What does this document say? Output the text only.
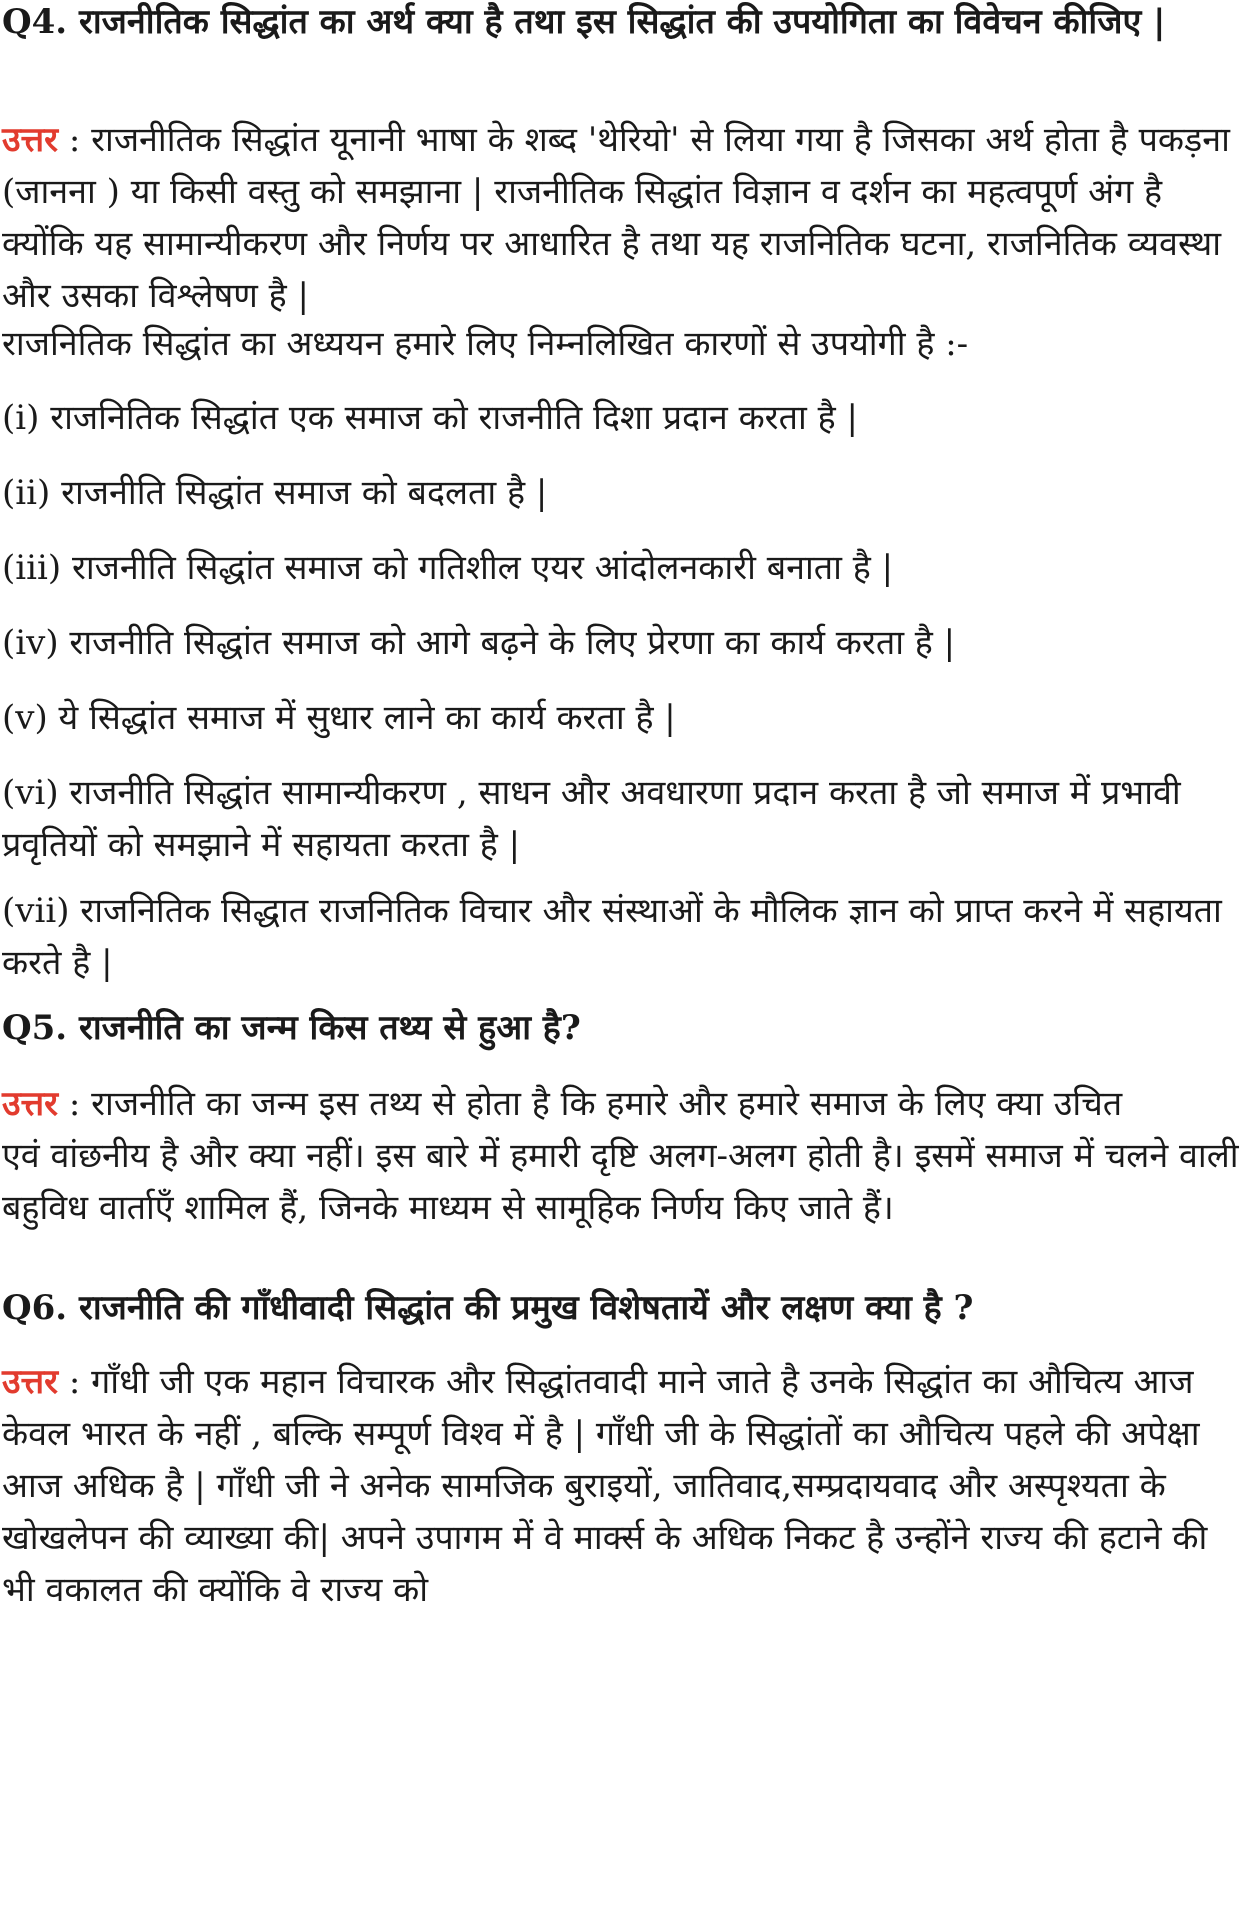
Q4. राजनीतिक सिद्धांत का अर्थ क्या है तथा इस सिद्धांत की उपयोगिता का विवेचन कीजिए |
उत्तर : राजनीतिक सिद्धांत यूनानी भाषा के शब्द 'थेरियो' से लिया गया है जिसका अर्थ होता है पकड़ना (जानना ) या किसी वस्तु को समझाना | राजनीतिक सिद्धांत विज्ञान व दर्शन का महत्वपूर्ण अंग है क्योंकि यह सामान्यीकरण और निर्णय पर आधारित है तथा यह राजनितिक घटना, राजनितिक व्यवस्था और उसका विश्लेषण है |
राजनितिक सिद्धांत का अध्ययन हमारे लिए निम्नलिखित कारणों से उपयोगी है :-
(i) राजनितिक सिद्धांत एक समाज को राजनीति दिशा प्रदान करता है |
(ii) राजनीति सिद्धांत समाज को बदलता है |
(iii) राजनीति सिद्धांत समाज को गतिशील एयर आंदोलनकारी बनाता है |
(iv) राजनीति सिद्धांत समाज को आगे बढ़ने के लिए प्रेरणा का कार्य करता है |
(v) ये सिद्धांत समाज में सुधार लाने का कार्य करता है |
(vi) राजनीति सिद्धांत सामान्यीकरण , साधन और अवधारणा प्रदान करता है जो समाज में प्रभावी प्रवृतियों को समझाने में सहायता करता है |
(vii) राजनितिक सिद्धात राजनितिक विचार और संस्थाओं के मौलिक ज्ञान को प्राप्त करने में सहायता करते है |
Q5. राजनीति का जन्म किस तथ्य से हुआ है?
उत्तर : राजनीति का जन्म इस तथ्य से होता है कि हमारे और हमारे समाज के लिए क्या उचित
एवं वांछनीय है और क्या नहीं। इस बारे में हमारी दृष्टि अलग-अलग होती है। इसमें समाज में चलने वाली बहुविध वार्ताएँ शामिल हैं, जिनके माध्यम से सामूहिक निर्णय किए जाते हैं।
Q6. राजनीति की गाँधीवादी सिद्धांत की प्रमुख विशेषतायें और लक्षण क्या है ?
उत्तर : गाँधी जी एक महान विचारक और सिद्धांतवादी माने जाते है उनके सिद्धांत का औचित्य आज केवल भारत के नहीं , बल्कि सम्पूर्ण विश्व में है | गाँधी जी के सिद्धांतों का औचित्य पहले की अपेक्षा आज अधिक है | गाँधी जी ने अनेक सामजिक बुराइयों, जातिवाद,सम्प्रदायवाद और अस्पृश्यता के खोखलेपन की व्याख्या की| अपने उपागम में वे मार्क्स के अधिक निकट है उन्होंने राज्य की हटाने की भी वकालत की क्योंकि वे राज्य को
